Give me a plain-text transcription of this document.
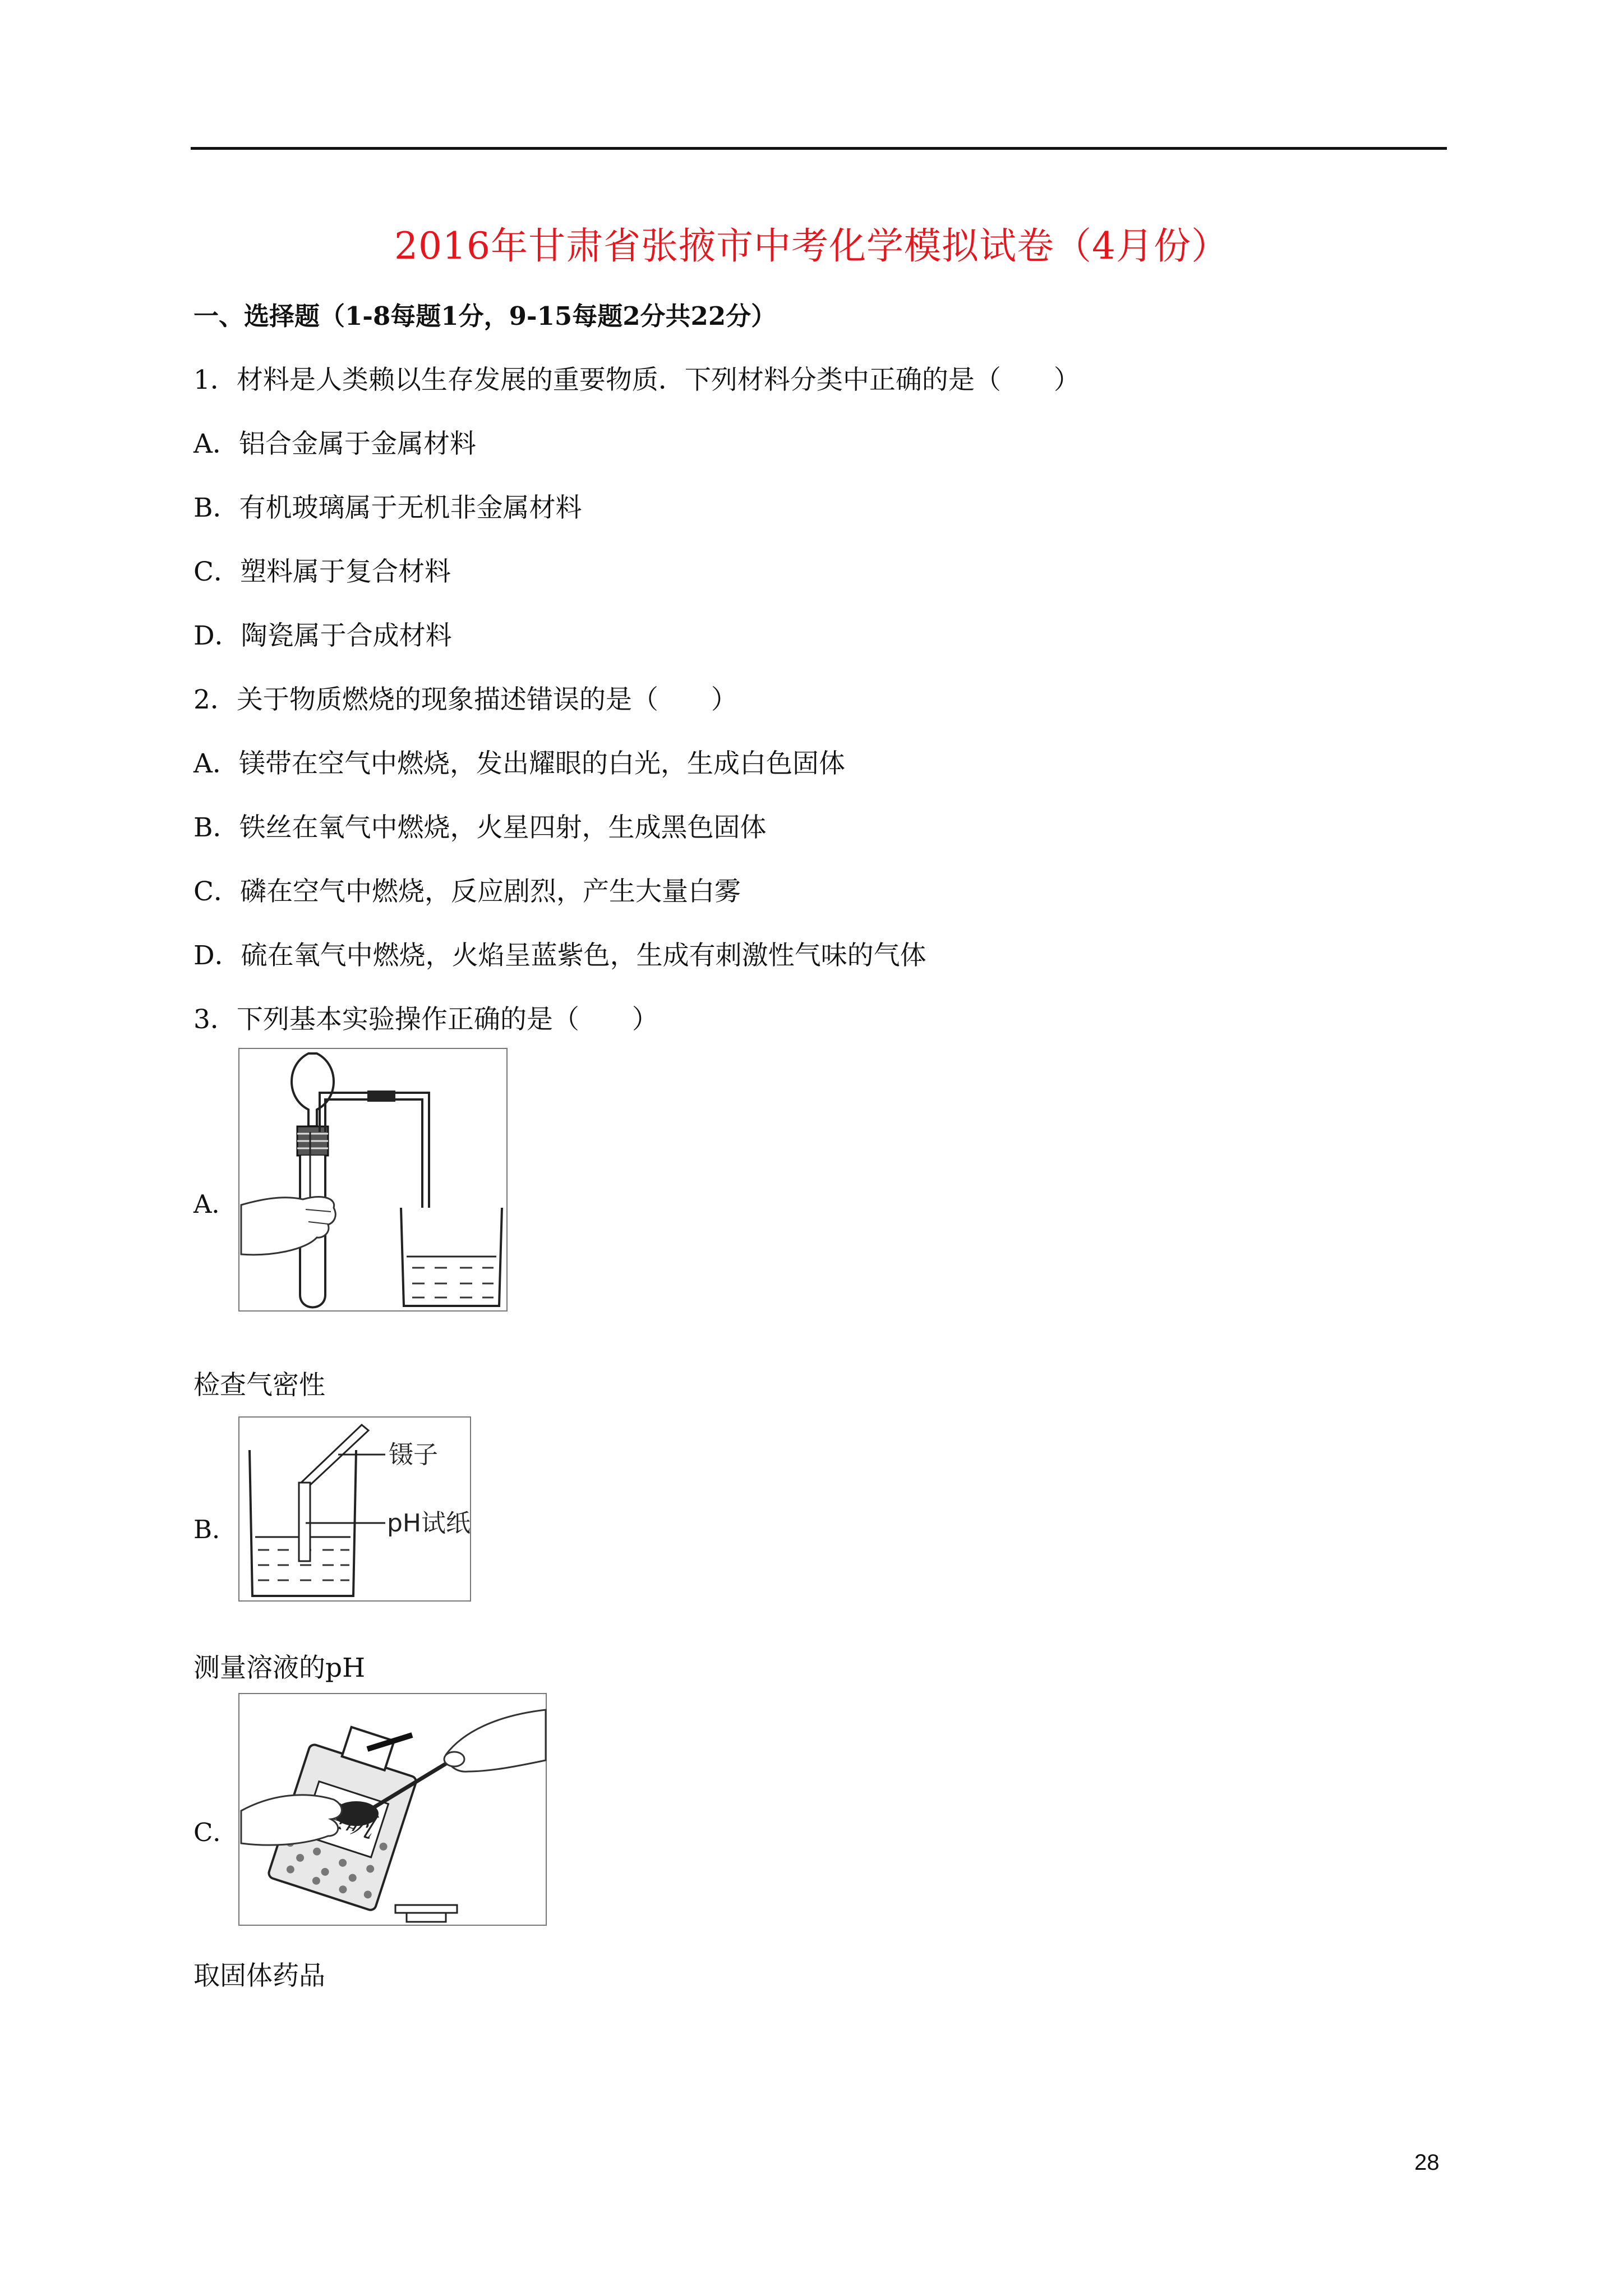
2016年甘肃省张掖市中考化学模拟试卷（4月份）
一、选择题（1-8每题1分，9-15每题2分共22分）
1．材料是人类赖以生存发展的重要物质．下列材料分类中正确的是（　　）
A．铝合金属于金属材料
B．有机玻璃属于无机非金属材料
C．塑料属于复合材料
D．陶瓷属于合成材料
2．关于物质燃烧的现象描述错误的是（　　）
A．镁带在空气中燃烧，发出耀眼的白光，生成白色固体
B．铁丝在氧气中燃烧，火星四射，生成黑色固体
C．磷在空气中燃烧，反应剧烈，产生大量白雾
D．硫在氧气中燃烧，火焰呈蓝紫色，生成有刺激性气味的气体
3．下列基本实验操作正确的是（　　）
A．
检查气密性
B．
镊子
pH试纸
测量溶液的pH
C．
取固体药品
28
